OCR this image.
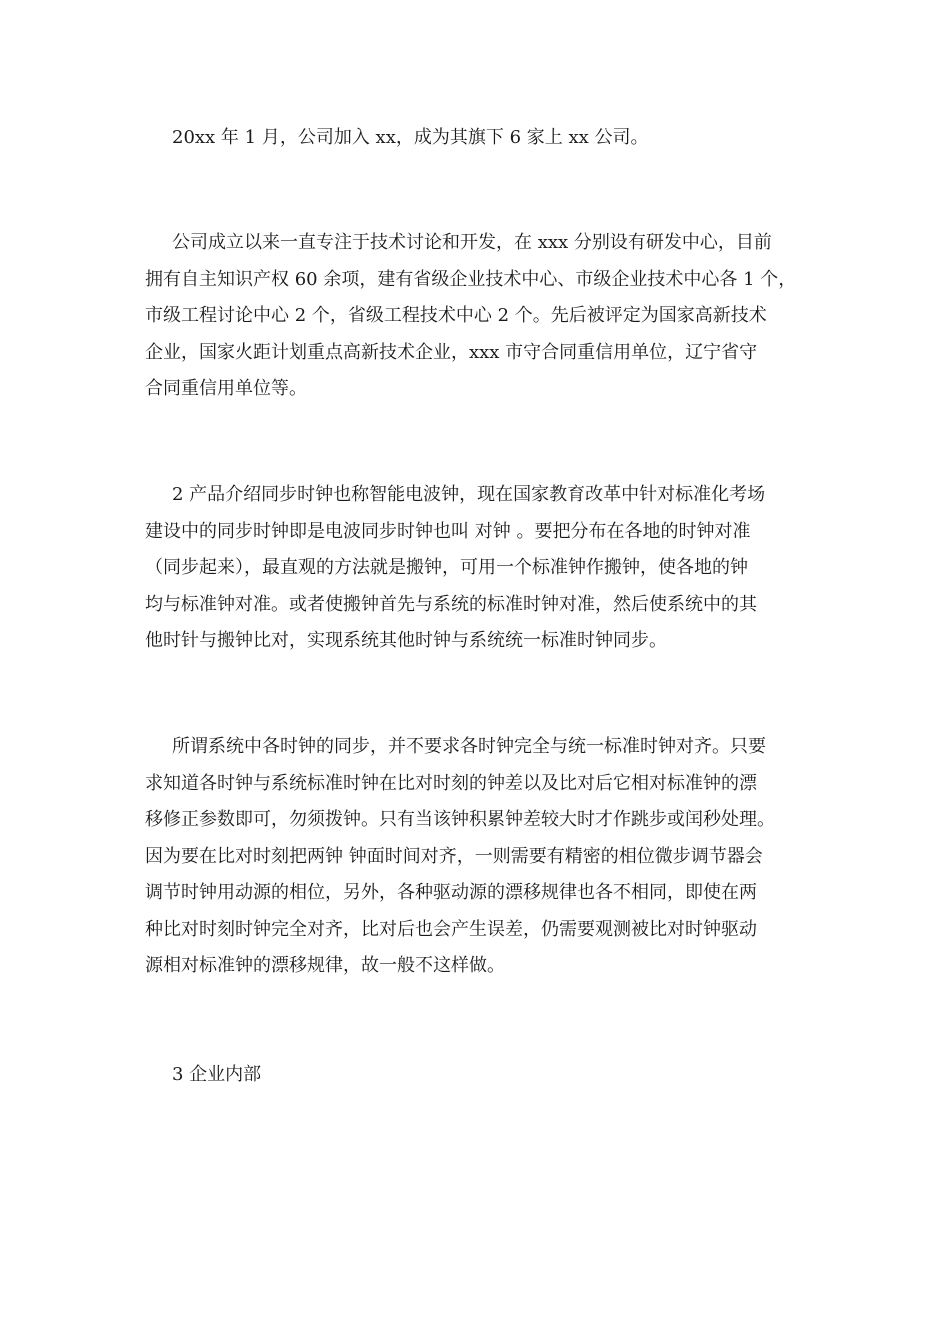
20xx 年 1 月，公司加入 xx，成为其旗下 6 家上 xx 公司。

公司成立以来一直专注于技术讨论和开发，在 xxx 分别设有研发中心，目前
拥有自主知识产权 60 余项，建有省级企业技术中心、市级企业技术中心各 1 个，
市级工程讨论中心 2 个，省级工程技术中心 2 个。先后被评定为国家高新技术
企业，国家火距计划重点高新技术企业，xxx 市守合同重信用单位，辽宁省守
合同重信用单位等。

2 产品介绍同步时钟也称智能电波钟，现在国家教育改革中针对标准化考场
建设中的同步时钟即是电波同步时钟也叫 对钟 。要把分布在各地的时钟对准
（同步起来），最直观的方法就是搬钟，可用一个标准钟作搬钟，使各地的钟
均与标准钟对准。或者使搬钟首先与系统的标准时钟对准，然后使系统中的其
他时针与搬钟比对，实现系统其他时钟与系统统一标准时钟同步。

所谓系统中各时钟的同步，并不要求各时钟完全与统一标准时钟对齐。只要
求知道各时钟与系统标准时钟在比对时刻的钟差以及比对后它相对标准钟的漂
移修正参数即可，勿须拨钟。只有当该钟积累钟差较大时才作跳步或闰秒处理。
因为要在比对时刻把两钟 钟面时间对齐，一则需要有精密的相位微步调节器会
调节时钟用动源的相位，另外，各种驱动源的漂移规律也各不相同，即使在两
种比对时刻时钟完全对齐，比对后也会产生误差，仍需要观测被比对时钟驱动
源相对标准钟的漂移规律，故一般不这样做。

3 企业内部
